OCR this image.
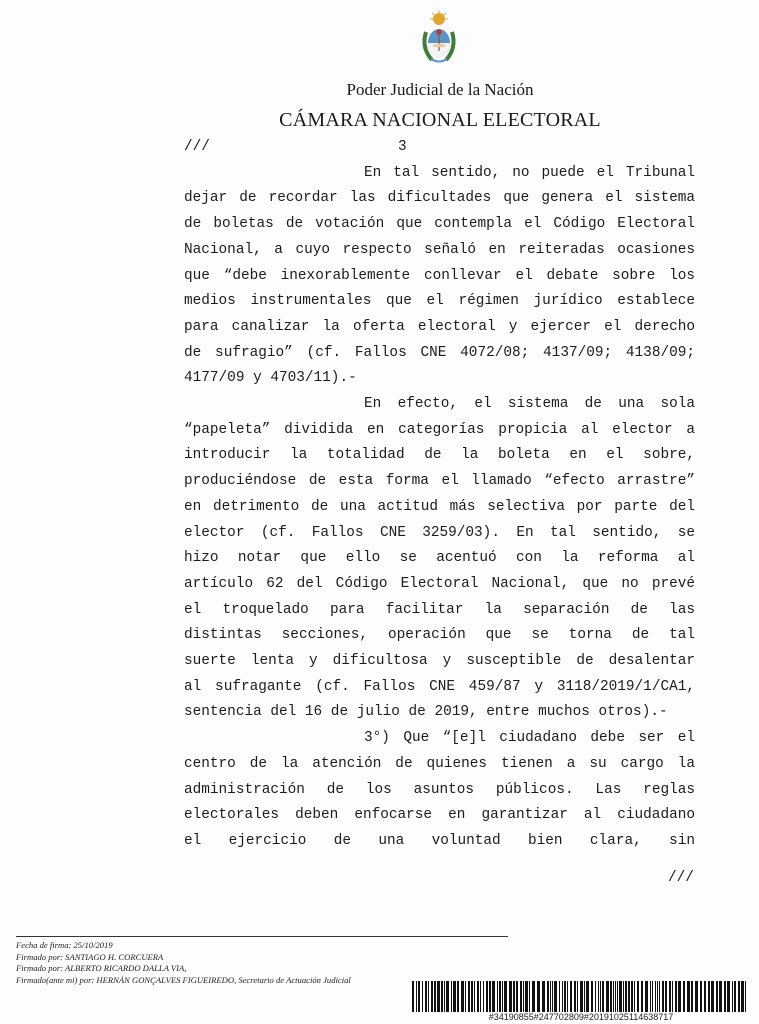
Poder Judicial de la Nación
CÁMARA NACIONAL ELECTORAL
///	3
En tal sentido, no puede el Tribunal
dejar de recordar las dificultades que genera el sistema
de boletas de votación que contempla el Código Electoral
Nacional, a cuyo respecto señaló en reiteradas ocasiones
que “debe inexorablemente conllevar el debate sobre los
medios instrumentales que el régimen jurídico establece
para canalizar la oferta electoral y ejercer el derecho
de sufragio” (cf. Fallos CNE 4072/08; 4137/09; 4138/09;
4177/09 y 4703/11).-
En efecto, el sistema de una sola
“papeleta” dividida en categorías propicia al elector a
introducir la totalidad de la boleta en el sobre,
produciéndose de esta forma el llamado “efecto arrastre”
en detrimento de una actitud más selectiva por parte del
elector (cf. Fallos CNE 3259/03). En tal sentido, se
hizo notar que ello se acentuó con la reforma al
artículo 62 del Código Electoral Nacional, que no prevé
el troquelado para facilitar la separación de las
distintas secciones, operación que se torna de tal
suerte lenta y dificultosa y susceptible de desalentar
al sufragante (cf. Fallos CNE 459/87 y 3118/2019/1/CA1,
sentencia del 16 de julio de 2019, entre muchos otros).-
3°) Que “[e]l ciudadano debe ser el
centro de la atención de quienes tienen a su cargo la
administración de los asuntos públicos. Las reglas
electorales deben enfocarse en garantizar al ciudadano
el ejercicio de una voluntad bien clara, sin
///
Fecha de firma: 25/10/2019
Firmado por: SANTIAGO H. CORCUERA
Firmado por: ALBERTO RICARDO DALLA VIA,
Firmado(ante mi) por: HERNÁN GONÇALVES FIGUEIREDO, Secretario de Actuación Judicial
#34190855#247702809#20191025114638717
